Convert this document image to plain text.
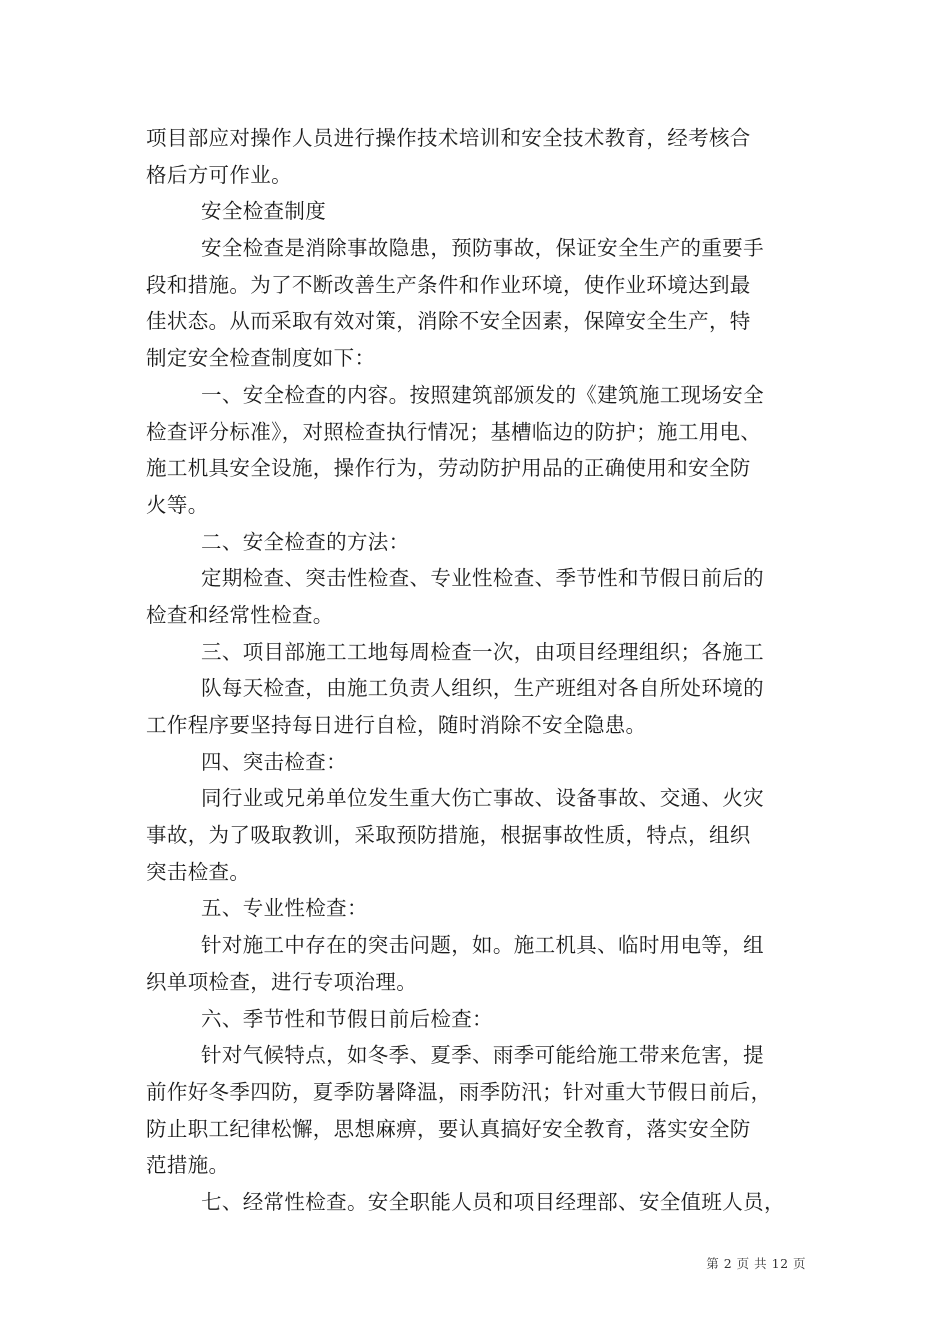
项目部应对操作人员进行操作技术培训和安全技术教育，经考核合
格后方可作业。
安全检查制度
安全检查是消除事故隐患，预防事故，保证安全生产的重要手
段和措施。为了不断改善生产条件和作业环境，使作业环境达到最
佳状态。从而采取有效对策，消除不安全因素，保障安全生产，特
制定安全检查制度如下：
一、安全检查的内容。按照建筑部颁发的《建筑施工现场安全
检查评分标准》，对照检查执行情况；基槽临边的防护；施工用电、
施工机具安全设施，操作行为，劳动防护用品的正确使用和安全防
火等。
二、安全检查的方法：
定期检查、突击性检查、专业性检查、季节性和节假日前后的
检查和经常性检查。
三、项目部施工工地每周检查一次，由项目经理组织；各施工
队每天检查，由施工负责人组织，生产班组对各自所处环境的
工作程序要坚持每日进行自检，随时消除不安全隐患。
四、突击检查：
同行业或兄弟单位发生重大伤亡事故、设备事故、交通、火灾
事故，为了吸取教训，采取预防措施，根据事故性质，特点，组织
突击检查。
五、专业性检查：
针对施工中存在的突击问题，如。施工机具、临时用电等，组
织单项检查，进行专项治理。
六、季节性和节假日前后检查：
针对气候特点，如冬季、夏季、雨季可能给施工带来危害，提
前作好冬季四防，夏季防暑降温，雨季防汛；针对重大节假日前后，
防止职工纪律松懈，思想麻痹，要认真搞好安全教育，落实安全防
范措施。
七、经常性检查。安全职能人员和项目经理部、安全值班人员，
第 2 页 共 12 页
